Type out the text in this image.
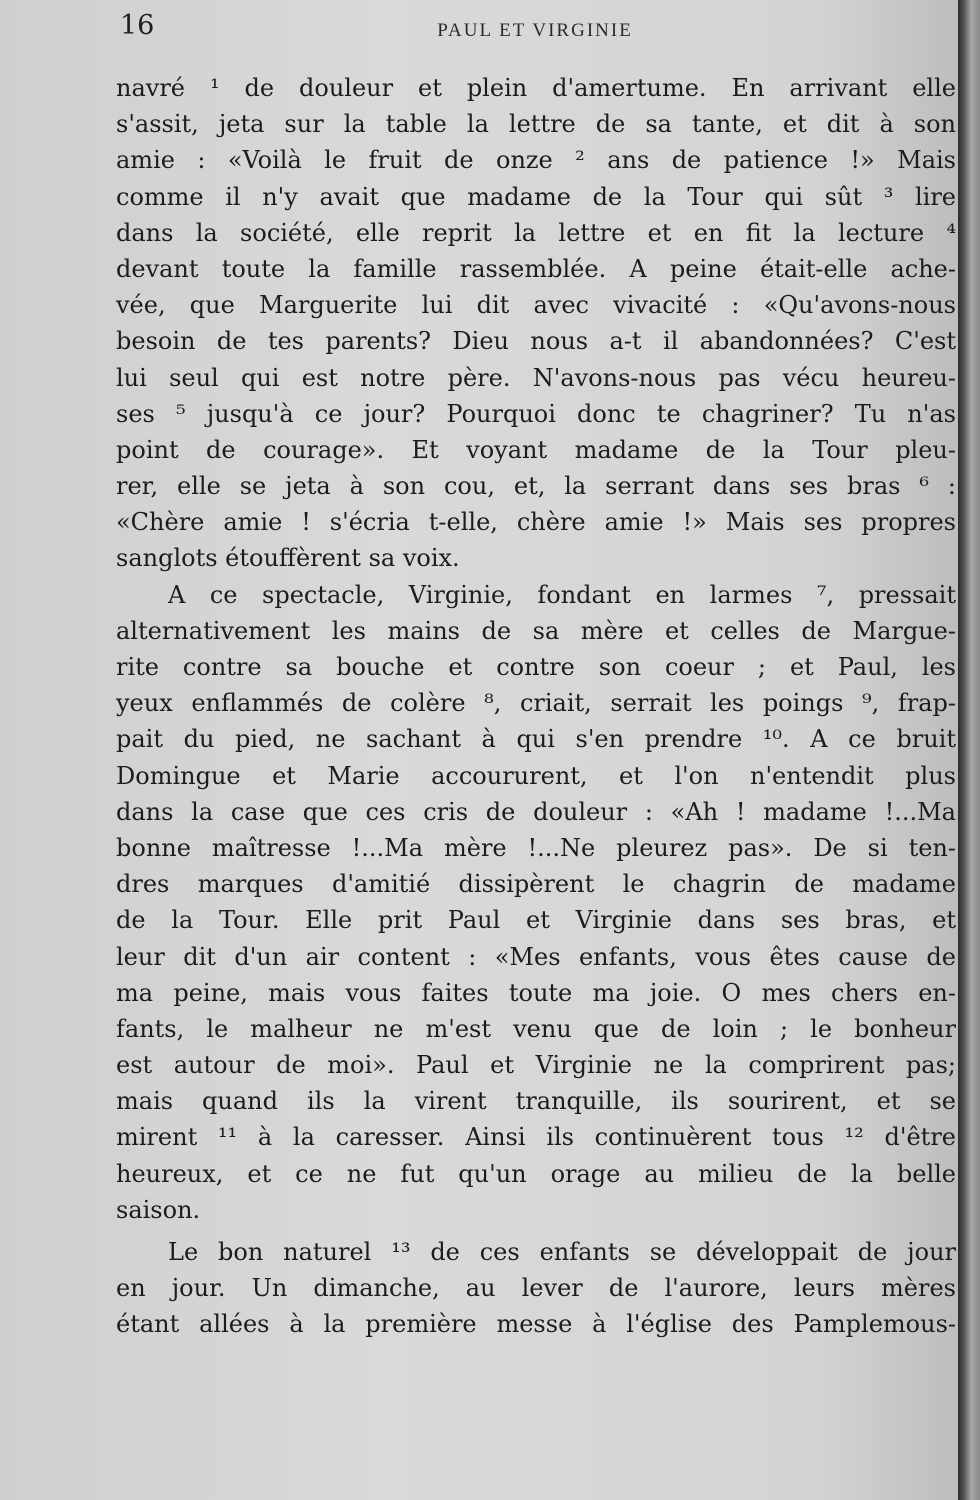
16	PAUL ET VIRGINIE
navré ¹ de douleur et plein d'amertume. En arrivant elle
s'assit, jeta sur la table la lettre de sa tante, et dit à son
amie : «Voilà le fruit de onze ² ans de patience !» Mais
comme il n'y avait que madame de la Tour qui sût ³ lire
dans la société, elle reprit la lettre et en fit la lecture ⁴
devant toute la famille rassemblée. A peine était-elle ache-
vée, que Marguerite lui dit avec vivacité : «Qu'avons-nous
besoin de tes parents? Dieu nous a-t il abandonnées? C'est
lui seul qui est notre père. N'avons-nous pas vécu heureu-
ses ⁵ jusqu'à ce jour? Pourquoi donc te chagriner? Tu n'as
point de courage». Et voyant madame de la Tour pleu-
rer, elle se jeta à son cou, et, la serrant dans ses bras ⁶ :
«Chère amie ! s'écria t-elle, chère amie !» Mais ses propres
sanglots étouffèrent sa voix.
A ce spectacle, Virginie, fondant en larmes ⁷, pressait
alternativement les mains de sa mère et celles de Margue-
rite contre sa bouche et contre son coeur ; et Paul, les
yeux enflammés de colère ⁸, criait, serrait les poings ⁹, frap-
pait du pied, ne sachant à qui s'en prendre ¹⁰. A ce bruit
Domingue et Marie accoururent, et l'on n'entendit plus
dans la case que ces cris de douleur : «Ah ! madame !...Ma
bonne maîtresse !...Ma mère !...Ne pleurez pas». De si ten-
dres marques d'amitié dissipèrent le chagrin de madame
de la Tour. Elle prit Paul et Virginie dans ses bras, et
leur dit d'un air content : «Mes enfants, vous êtes cause de
ma peine, mais vous faites toute ma joie. O mes chers en-
fants, le malheur ne m'est venu que de loin ; le bonheur
est autour de moi». Paul et Virginie ne la comprirent pas;
mais quand ils la virent tranquille, ils sourirent, et se
mirent ¹¹ à la caresser. Ainsi ils continuèrent tous ¹² d'être
heureux, et ce ne fut qu'un orage au milieu de la belle
saison.
Le bon naturel ¹³ de ces enfants se développait de jour
en jour. Un dimanche, au lever de l'aurore, leurs mères
étant allées à la première messe à l'église des Pamplemous-
